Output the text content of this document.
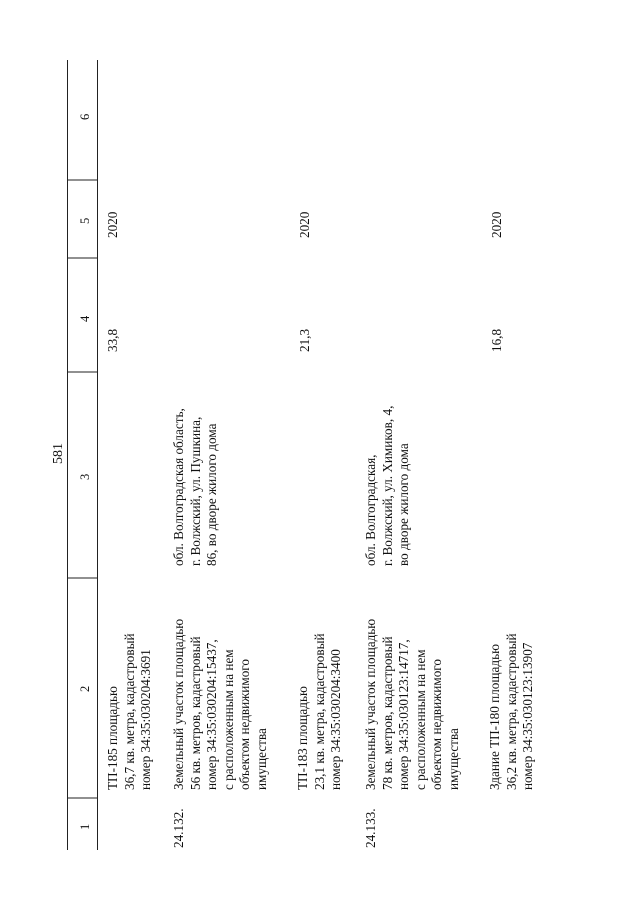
581
1
2
3
4
5
6
ТП-185 площадью 36,7 кв. метра, кадастровый номер 34:35:030204:3691
33,8
2020
24.132.
Земельный участок площадью 56 кв. метров, кадастровый номер 34:35:030204:15437, с расположенным на нем объектом недвижимого имущества
обл. Волгоградская область, г. Волжский, ул. Пушкина, 86, во дворе жилого дома
ТП-183 площадью 23,1 кв. метра, кадастровый номер 34:35:030204:3400
21,3
2020
24.133.
Земельный участок площадью 78 кв. метров, кадастровый номер 34:35:030123:14717, с расположенным на нем объектом недвижимого имущества
обл. Волгоградская, г. Волжский, ул. Химиков, 4, во дворе жилого дома
Здание ТП-180 площадью 36,2 кв. метра, кадастровый номер 34:35:030123:13907
16,8
2020
